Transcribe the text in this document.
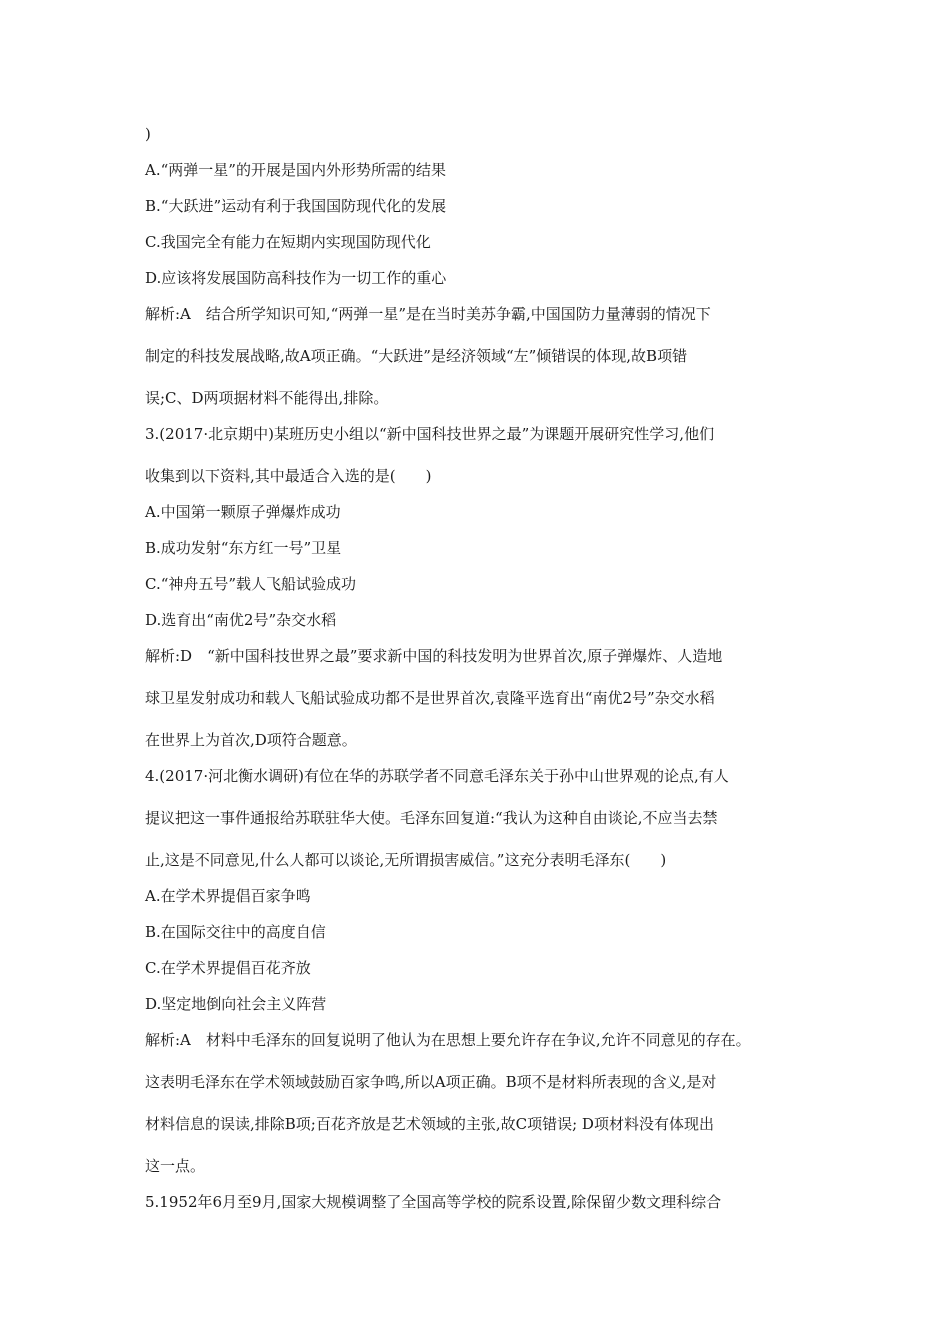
)

A.“两弹一星”的开展是国内外形势所需的结果

B.“大跃进”运动有利于我国国防现代化的发展

C.我国完全有能力在短期内实现国防现代化

D.应该将发展国防高科技作为一切工作的重心

解析:A　结合所学知识可知,“两弹一星”是在当时美苏争霸,中国国防力量薄弱的情况下

制定的科技发展战略,故A项正确。“大跃进”是经济领域“左”倾错误的体现,故B项错

误;C、D两项据材料不能得出,排除。

3.(2017·北京期中)某班历史小组以“新中国科技世界之最”为课题开展研究性学习,他们

收集到以下资料,其中最适合入选的是(　　)

A.中国第一颗原子弹爆炸成功

B.成功发射“东方红一号”卫星

C.“神舟五号”载人飞船试验成功

D.选育出“南优2号”杂交水稻

解析:D　“新中国科技世界之最”要求新中国的科技发明为世界首次,原子弹爆炸、人造地

球卫星发射成功和载人飞船试验成功都不是世界首次,袁隆平选育出“南优2号”杂交水稻

在世界上为首次,D项符合题意。

4.(2017·河北衡水调研)有位在华的苏联学者不同意毛泽东关于孙中山世界观的论点,有人

提议把这一事件通报给苏联驻华大使。毛泽东回复道:“我认为这种自由谈论,不应当去禁

止,这是不同意见,什么人都可以谈论,无所谓损害威信。”这充分表明毛泽东(　　)

A.在学术界提倡百家争鸣

B.在国际交往中的高度自信

C.在学术界提倡百花齐放

D.坚定地倒向社会主义阵营

解析:A　材料中毛泽东的回复说明了他认为在思想上要允许存在争议,允许不同意见的存在。

这表明毛泽东在学术领域鼓励百家争鸣,所以A项正确。B项不是材料所表现的含义,是对

材料信息的误读,排除B项;百花齐放是艺术领域的主张,故C项错误; D项材料没有体现出

这一点。

5.1952年6月至9月,国家大规模调整了全国高等学校的院系设置,除保留少数文理科综合
